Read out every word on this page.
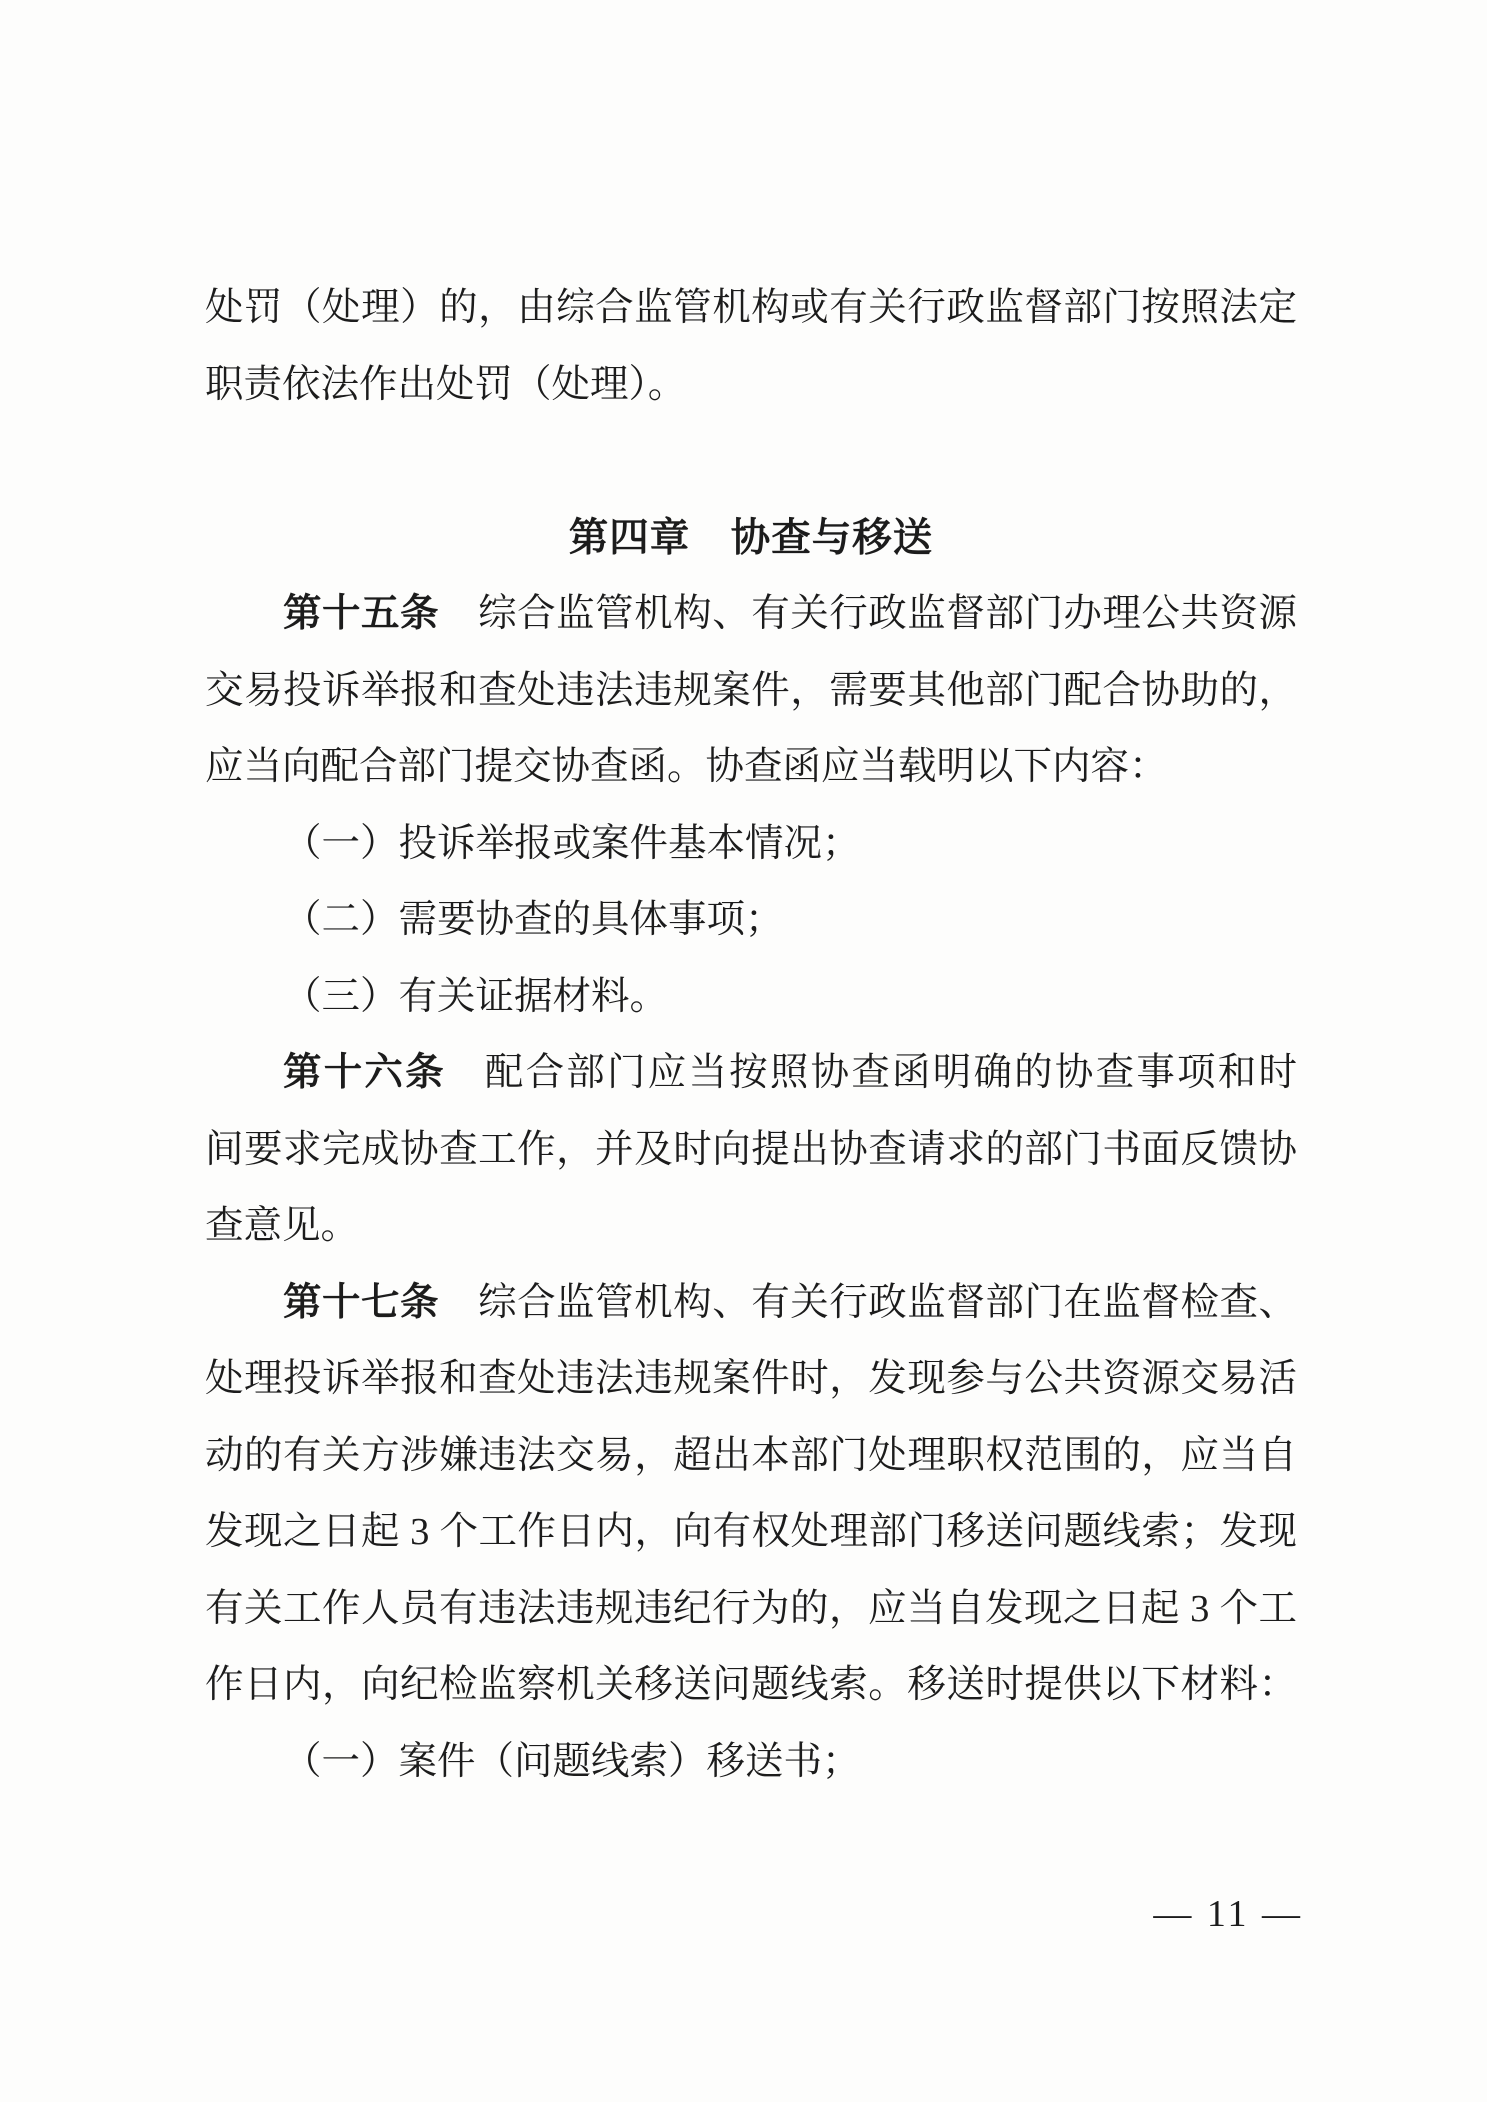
处罚（处理）的，由综合监管机构或有关行政监督部门按照法定

职责依法作出处罚（处理）。

第四章　协查与移送

第十五条 综合监管机构、有关行政监督部门办理公共资源

交易投诉举报和查处违法违规案件，需要其他部门配合协助的，

应当向配合部门提交协查函。协查函应当载明以下内容：

（一）投诉举报或案件基本情况；

（二）需要协查的具体事项；

（三）有关证据材料。

第十六条 配合部门应当按照协查函明确的协查事项和时

间要求完成协查工作，并及时向提出协查请求的部门书面反馈协

查意见。

第十七条 综合监管机构、有关行政监督部门在监督检查、

处理投诉举报和查处违法违规案件时，发现参与公共资源交易活

动的有关方涉嫌违法交易，超出本部门处理职权范围的，应当自

发现之日起 3 个工作日内，向有权处理部门移送问题线索；发现

有关工作人员有违法违规违纪行为的，应当自发现之日起 3 个工

作日内，向纪检监察机关移送问题线索。移送时提供以下材料：

（一）案件（问题线索）移送书；

— 11 —
